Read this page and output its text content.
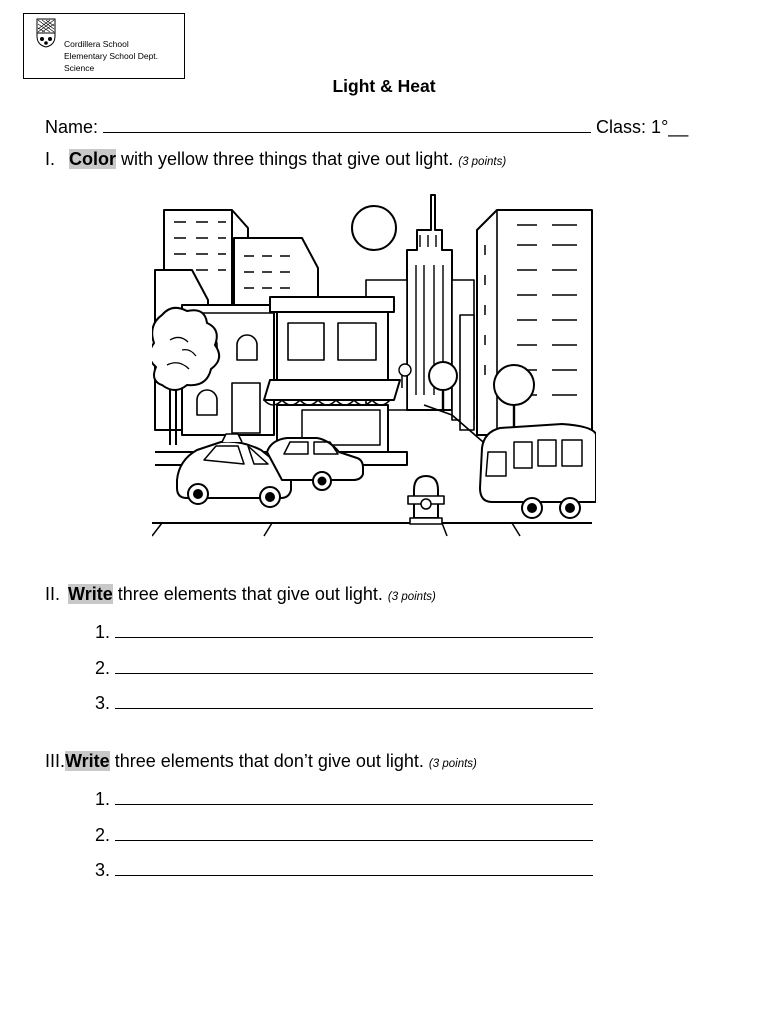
Cordillera School
Elementary School Dept.
Science
Light & Heat
Name:	Class: 1°__
I. Color with yellow three things that give out light. (3 points)
II. Write three elements that give out light. (3 points)
1.
2.
3.
III.Write three elements that don’t give out light. (3 points)
1.
2.
3.
